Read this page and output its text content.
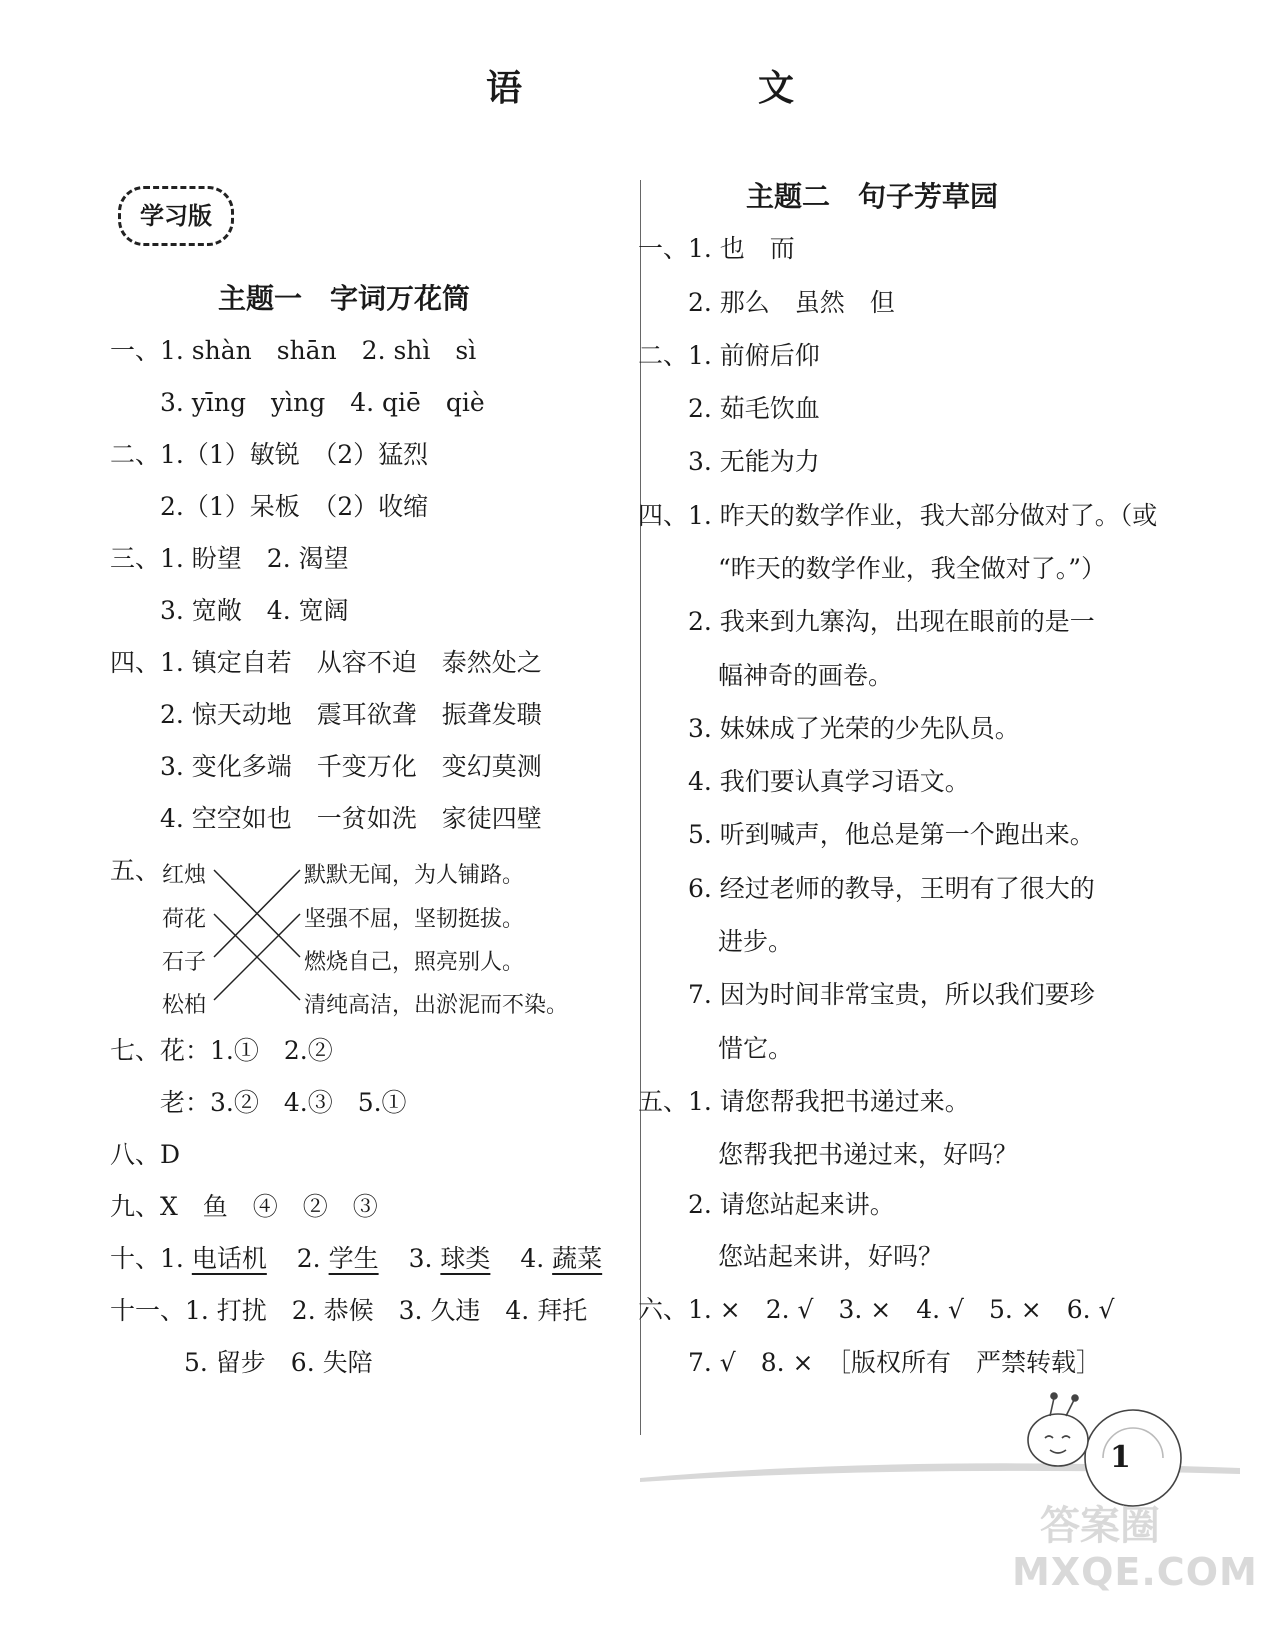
语　文
学习版
主题一　字词万花筒
一、1. shàn　shān　2. shì　sì
3. yīng　yìng　4. qiē　qiè
二、1.（1）敏锐　（2）猛烈
2.（1）呆板　（2）收缩
三、1. 盼望　2. 渴望
3. 宽敞　4. 宽阔
四、1. 镇定自若　从容不迫　泰然处之
2. 惊天动地　震耳欲聋　振聋发聩
3. 变化多端　千变万化　变幻莫测
4. 空空如也　一贫如洗　家徒四壁
五、 红烛
荷花
石子
松柏
默默无闻，为人铺路。
坚强不屈，坚韧挺拔。
燃烧自己，照亮别人。
清纯高洁，出淤泥而不染。
七、花：1.①　2.②
老：3.②　4.③　5.①
八、D
九、X　鱼　④　②　③
十、1. 电话机 2. 学生 3. 球类 4. 蔬菜
十一、1. 打扰　2. 恭候　3. 久违　4. 拜托
5. 留步　6. 失陪
主题二　句子芳草园
一、1. 也　而
2. 那么　虽然　但
二、1. 前俯后仰
2. 茹毛饮血
3. 无能为力
四、1. 昨天的数学作业，我大部分做对了。（或
“昨天的数学作业，我全做对了。”）
2. 我来到九寨沟，出现在眼前的是一
幅神奇的画卷。
3. 妹妹成了光荣的少先队员。
4. 我们要认真学习语文。
5. 听到喊声，他总是第一个跑出来。
6. 经过老师的教导，王明有了很大的
进步。
7. 因为时间非常宝贵，所以我们要珍
惜它。
五、1. 请您帮我把书递过来。
您帮我把书递过来，好吗？
2. 请您站起来讲。
您站起来讲，好吗？
六、1. ×　2. √　3. ×　4. √　5. ×　6. √
7. √　8. ×　［版权所有　严禁转载］
1
答案圈
MXQE.COM
